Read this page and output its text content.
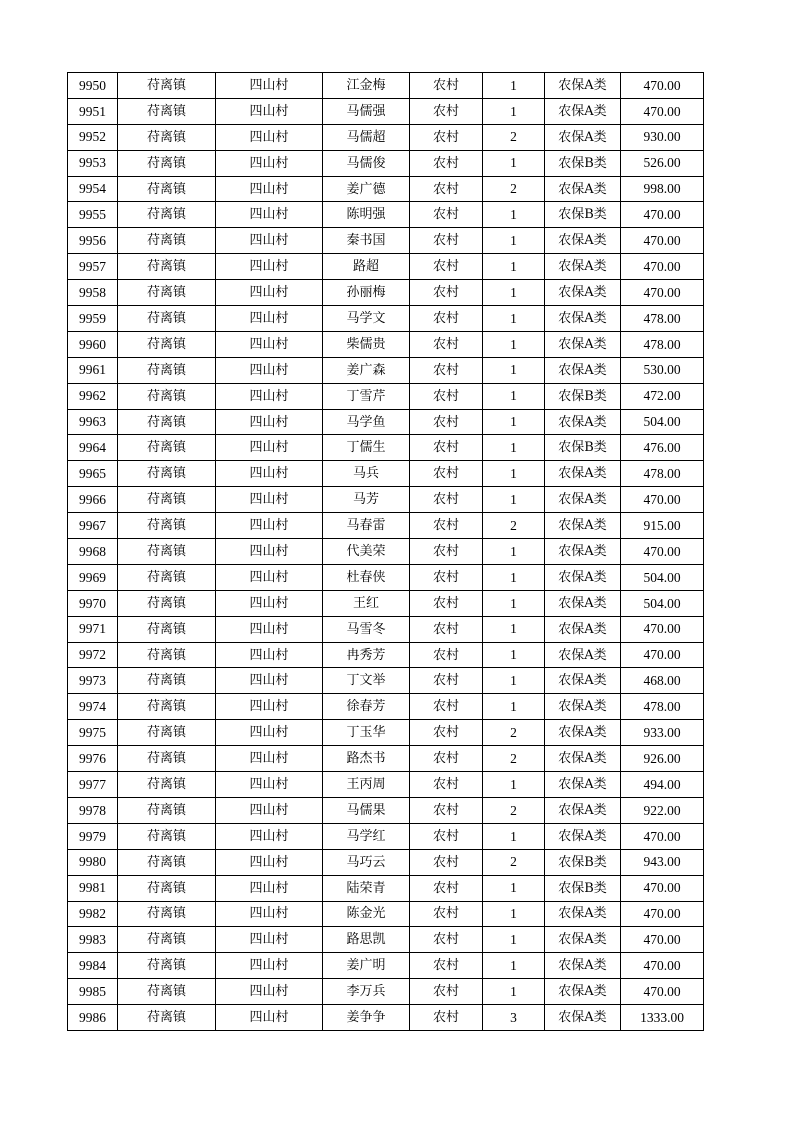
9950	苻离镇	四山村	江金梅	农村	1	农保A类	470.00
9951	苻离镇	四山村	马儒强	农村	1	农保A类	470.00
9952	苻离镇	四山村	马儒超	农村	2	农保A类	930.00
9953	苻离镇	四山村	马儒俊	农村	1	农保B类	526.00
9954	苻离镇	四山村	姜广德	农村	2	农保A类	998.00
9955	苻离镇	四山村	陈明强	农村	1	农保B类	470.00
9956	苻离镇	四山村	秦书国	农村	1	农保A类	470.00
9957	苻离镇	四山村	路超	农村	1	农保A类	470.00
9958	苻离镇	四山村	孙丽梅	农村	1	农保A类	470.00
9959	苻离镇	四山村	马学文	农村	1	农保A类	478.00
9960	苻离镇	四山村	柴儒贵	农村	1	农保A类	478.00
9961	苻离镇	四山村	姜广森	农村	1	农保A类	530.00
9962	苻离镇	四山村	丁雪芹	农村	1	农保B类	472.00
9963	苻离镇	四山村	马学鱼	农村	1	农保A类	504.00
9964	苻离镇	四山村	丁儒生	农村	1	农保B类	476.00
9965	苻离镇	四山村	马兵	农村	1	农保A类	478.00
9966	苻离镇	四山村	马芳	农村	1	农保A类	470.00
9967	苻离镇	四山村	马春雷	农村	2	农保A类	915.00
9968	苻离镇	四山村	代美荣	农村	1	农保A类	470.00
9969	苻离镇	四山村	杜春侠	农村	1	农保A类	504.00
9970	苻离镇	四山村	王红	农村	1	农保A类	504.00
9971	苻离镇	四山村	马雪冬	农村	1	农保A类	470.00
9972	苻离镇	四山村	冉秀芳	农村	1	农保A类	470.00
9973	苻离镇	四山村	丁文举	农村	1	农保A类	468.00
9974	苻离镇	四山村	徐春芳	农村	1	农保A类	478.00
9975	苻离镇	四山村	丁玉华	农村	2	农保A类	933.00
9976	苻离镇	四山村	路杰书	农村	2	农保A类	926.00
9977	苻离镇	四山村	王丙周	农村	1	农保A类	494.00
9978	苻离镇	四山村	马儒果	农村	2	农保A类	922.00
9979	苻离镇	四山村	马学红	农村	1	农保A类	470.00
9980	苻离镇	四山村	马巧云	农村	2	农保B类	943.00
9981	苻离镇	四山村	陆荣青	农村	1	农保B类	470.00
9982	苻离镇	四山村	陈金光	农村	1	农保A类	470.00
9983	苻离镇	四山村	路思凯	农村	1	农保A类	470.00
9984	苻离镇	四山村	姜广明	农村	1	农保A类	470.00
9985	苻离镇	四山村	李万兵	农村	1	农保A类	470.00
9986	苻离镇	四山村	姜争争	农村	3	农保A类	1333.00
